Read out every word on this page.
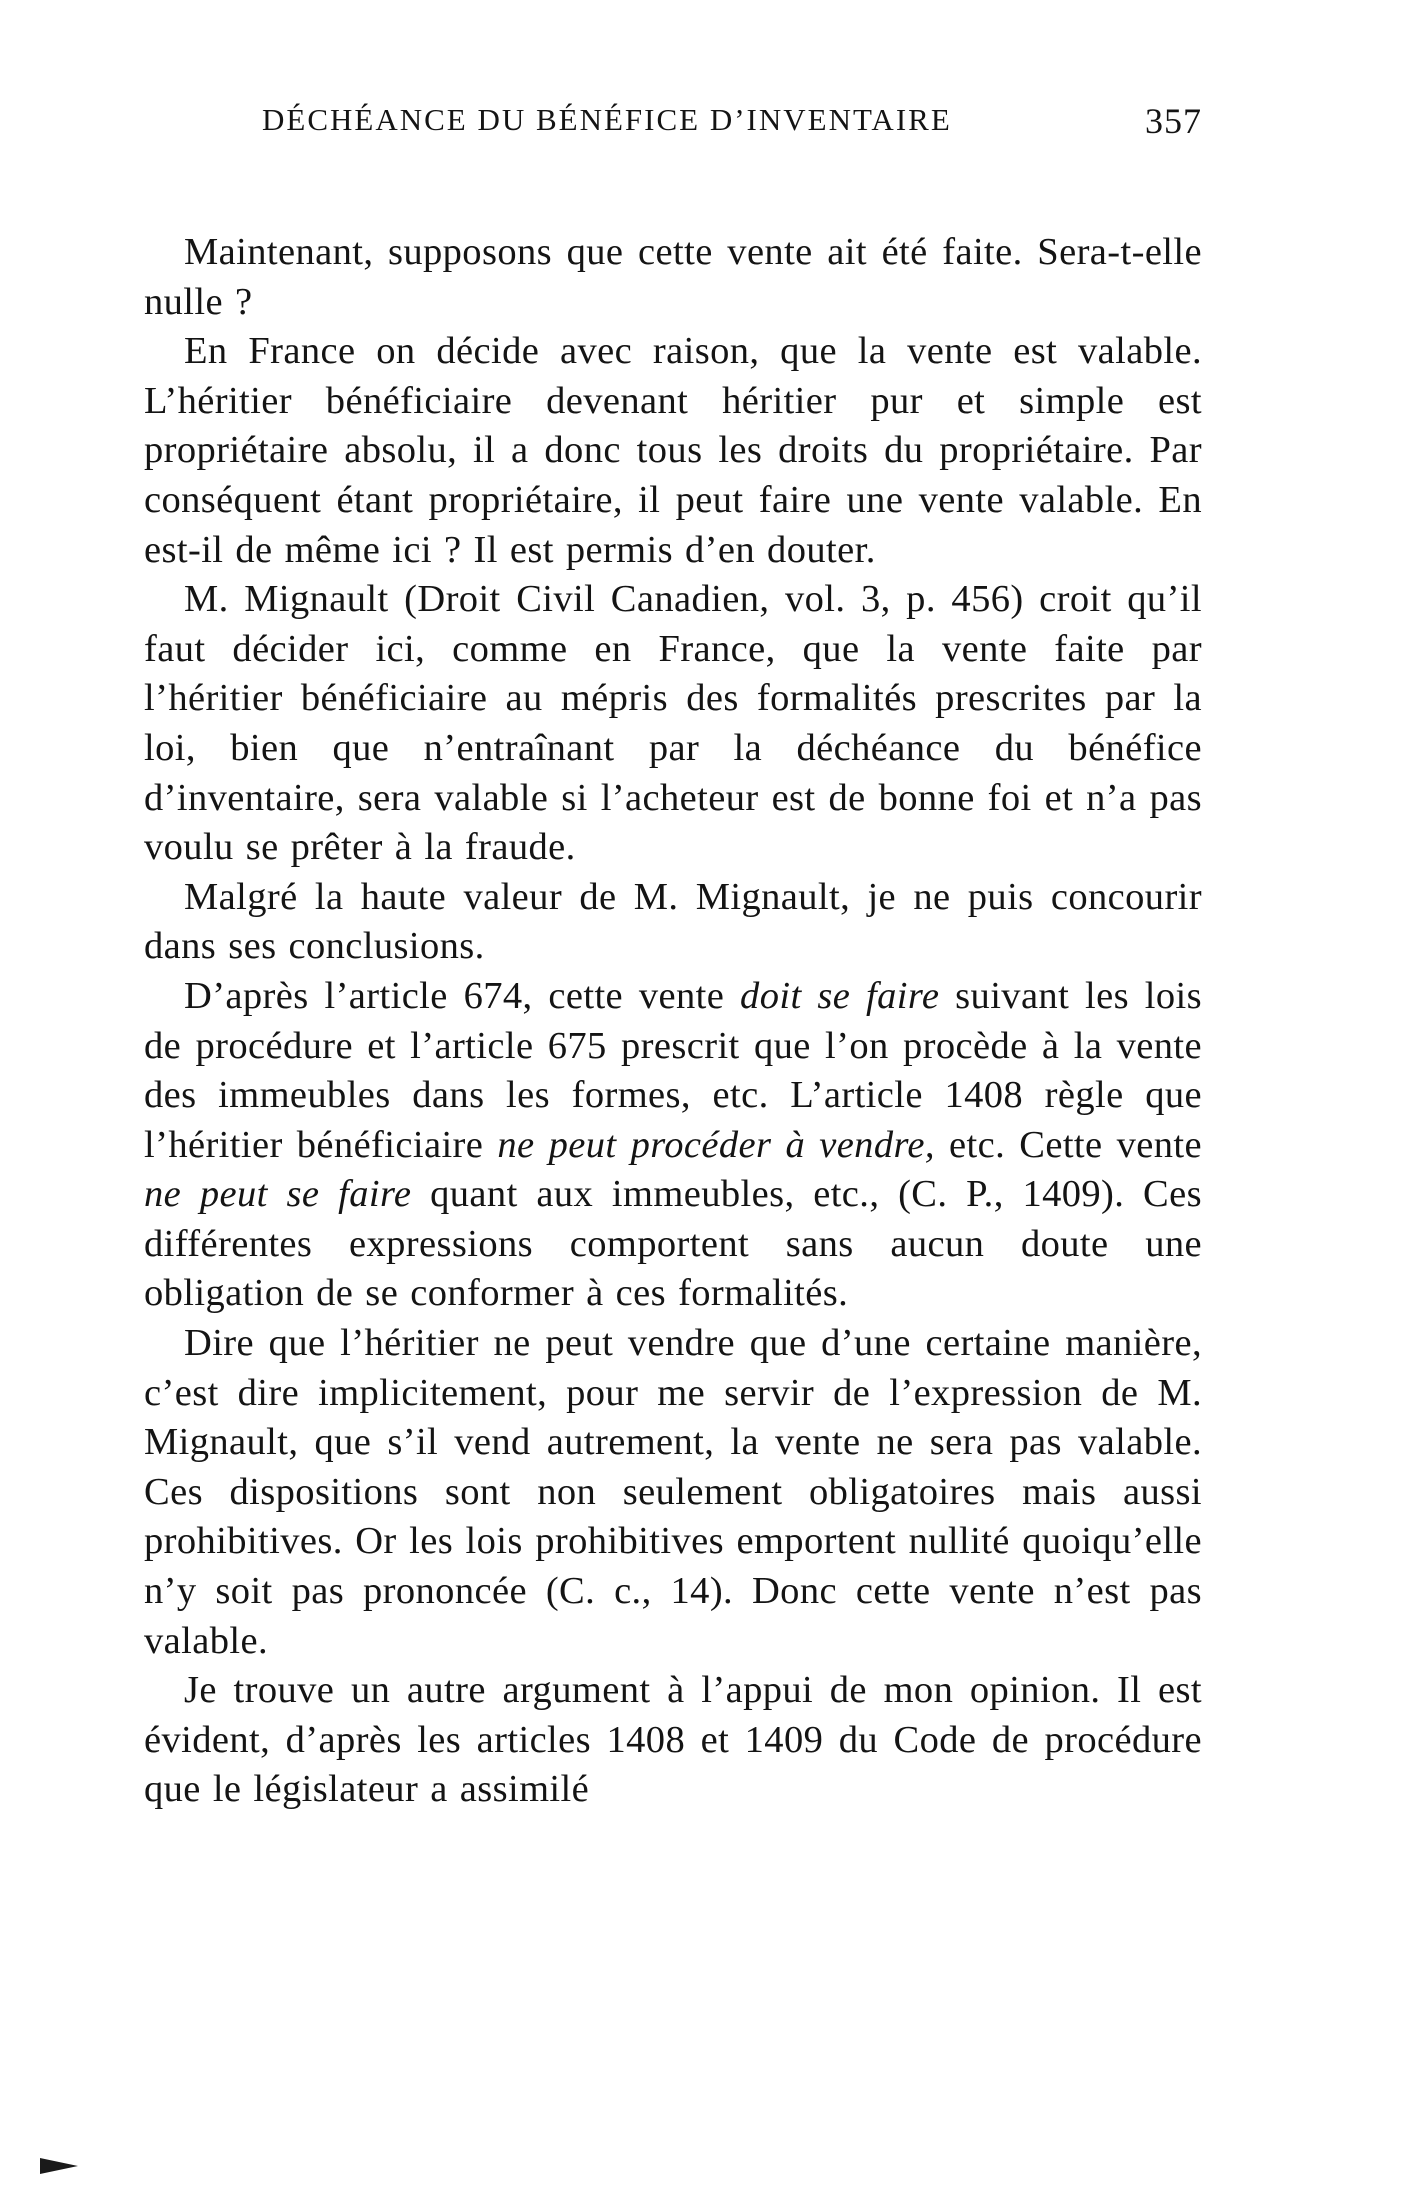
DÉCHÉANCE DU BÉNÉFICE D’INVENTAIRE	357

Maintenant, supposons que cette vente ait été faite. Sera-t-elle nulle ?

En France on décide avec raison, que la vente est valable. L’héritier bénéficiaire devenant héritier pur et simple est propriétaire absolu, il a donc tous les droits du propriétaire. Par conséquent étant propriétaire, il peut faire une vente valable. En est-il de même ici ? Il est permis d’en douter.

M. Mignault (Droit Civil Canadien, vol. 3, p. 456) croit qu’il faut décider ici, comme en France, que la vente faite par l’héritier bénéficiaire au mépris des formalités prescrites par la loi, bien que n’entraînant par la déchéance du bénéfice d’inventaire, sera valable si l’acheteur est de bonne foi et n’a pas voulu se prêter à la fraude.

Malgré la haute valeur de M. Mignault, je ne puis concourir dans ses conclusions.

D’après l’article 674, cette vente doit se faire suivant les lois de procédure et l’article 675 prescrit que l’on procède à la vente des immeubles dans les formes, etc. L’article 1408 règle que l’héritier bénéficiaire ne peut procéder à vendre, etc. Cette vente ne peut se faire quant aux immeubles, etc., (C. P., 1409). Ces différentes expressions comportent sans aucun doute une obligation de se conformer à ces formalités.

Dire que l’héritier ne peut vendre que d’une certaine manière, c’est dire implicitement, pour me servir de l’expression de M. Mignault, que s’il vend autrement, la vente ne sera pas valable. Ces dispositions sont non seulement obligatoires mais aussi prohibitives. Or les lois prohibitives emportent nullité quoiqu’elle n’y soit pas prononcée (C. c., 14). Donc cette vente n’est pas valable.

Je trouve un autre argument à l’appui de mon opinion. Il est évident, d’après les articles 1408 et 1409 du Code de procédure que le législateur a assimilé
